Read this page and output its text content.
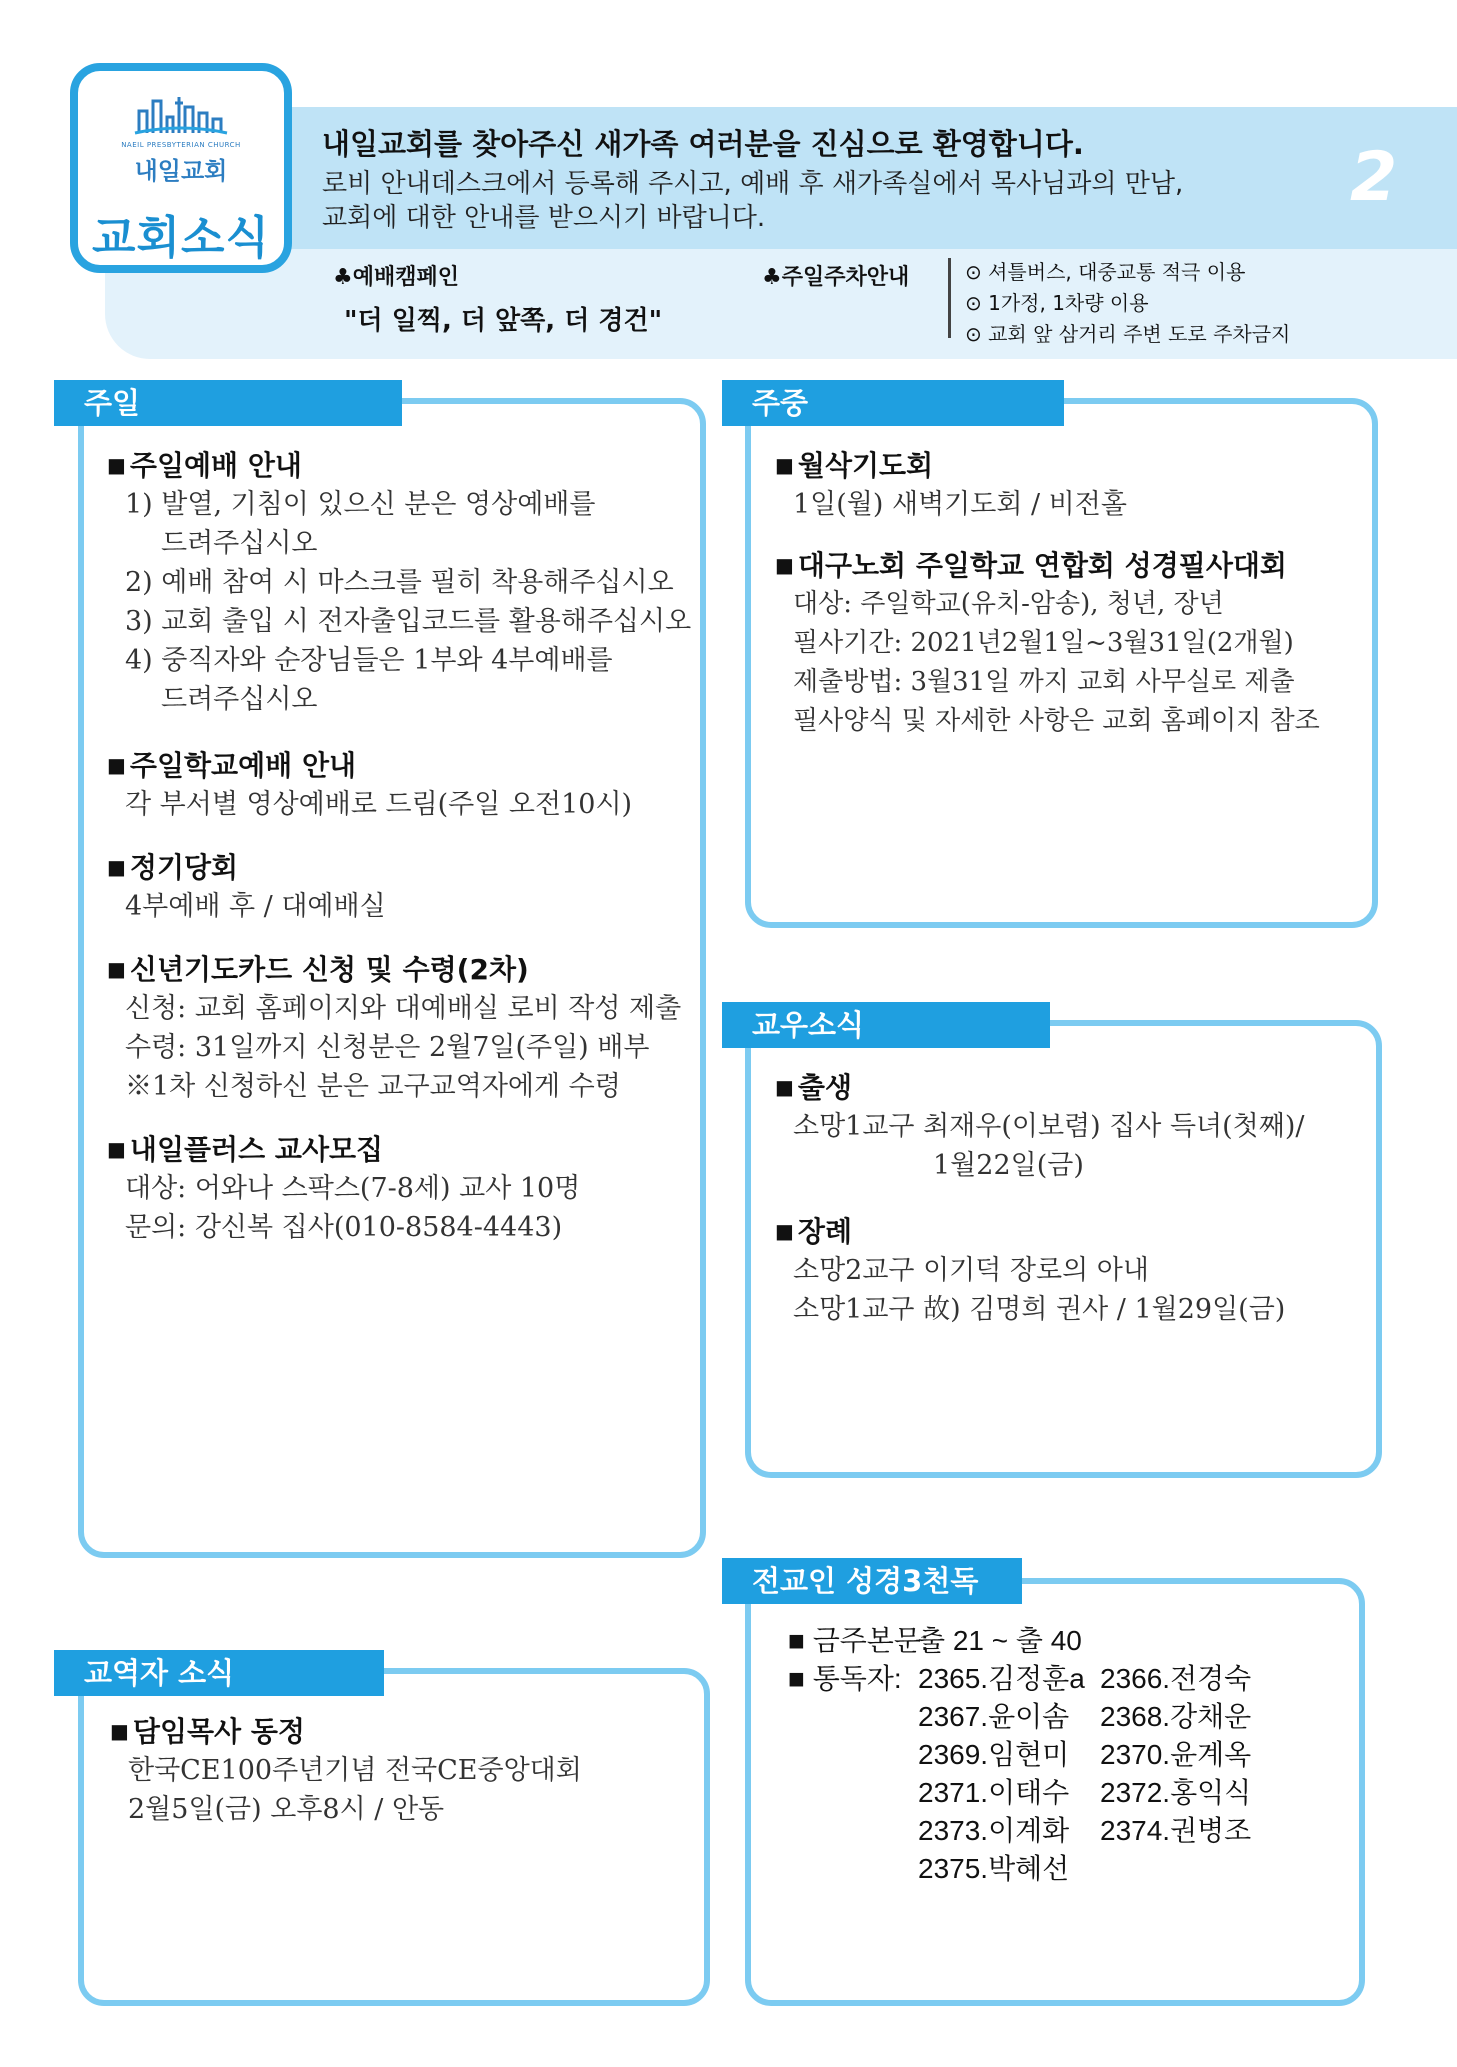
NAEIL PRESBYTERIAN CHURCH
내일교회
교회소식
내일교회를 찾아주신 새가족 여러분을 진심으로 환영합니다.
로비 안내데스크에서 등록해 주시고, 예배 후 새가족실에서 목사님과의 만남,
교회에 대한 안내를 받으시기 바랍니다.
2
♣예배캠페인
"더 일찍, 더 앞쪽, 더 경건"
♣주일주차안내	⊙ 셔틀버스, 대중교통 적극 이용
⊙ 1가정, 1차량 이용
⊙ 교회 앞 삼거리 주변 도로 주차금지
주일
■ 주일예배 안내
1) 발열, 기침이 있으신 분은 영상예배를
드려주십시오
2) 예배 참여 시 마스크를 필히 착용해주십시오
3) 교회 출입 시 전자출입코드를 활용해주십시오
4) 중직자와 순장님들은 1부와 4부예배를
드려주십시오
■ 주일학교예배 안내
각 부서별 영상예배로 드림(주일 오전10시)
■ 정기당회
4부예배 후 / 대예배실
■ 신년기도카드 신청 및 수령(2차)
신청: 교회 홈페이지와 대예배실 로비 작성 제출
수령: 31일까지 신청분은 2월7일(주일) 배부
※1차 신청하신 분은 교구교역자에게 수령
■ 내일플러스 교사모집
대상: 어와나 스팍스(7-8세) 교사 10명
문의: 강신복 집사(010-8584-4443)
주중
■ 월삭기도회
1일(월) 새벽기도회 / 비전홀
■ 대구노회 주일학교 연합회 성경필사대회
대상: 주일학교(유치-암송), 청년, 장년
필사기간: 2021년2월1일~3월31일(2개월)
제출방법: 3월31일 까지 교회 사무실로 제출
필사양식 및 자세한 사항은 교회 홈페이지 참조
교우소식
■ 출생
소망1교구 최재우(이보렴) 집사 득녀(첫째)/
1월22일(금)
■ 장례
소망2교구 이기덕 장로의 아내
소망1교구 故) 김명희 권사 / 1월29일(금)
교역자 소식
■ 담임목사 동정
한국CE100주년기념 전국CE중앙대회
2월5일(금) 오후8시 / 안동
전교인 성경3천독
■ 금주본문:
출 21 ~ 출 40
■ 통독자: 2365.김정훈a 2366.전경숙
2367.윤이솜	2368.강채운
2369.임현미	2370.윤계옥
2371.이태수	2372.홍익식
2373.이계화	2374.권병조
2375.박혜선
